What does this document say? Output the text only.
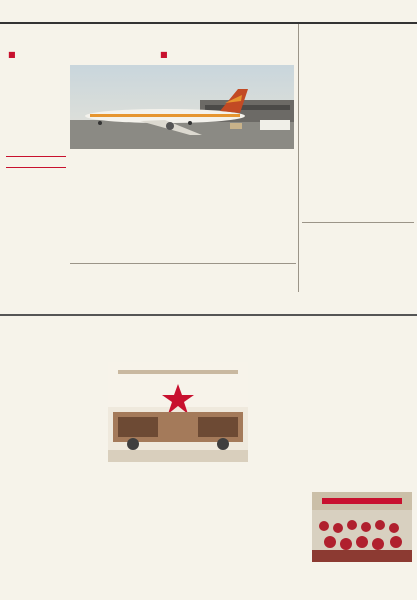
■	■
